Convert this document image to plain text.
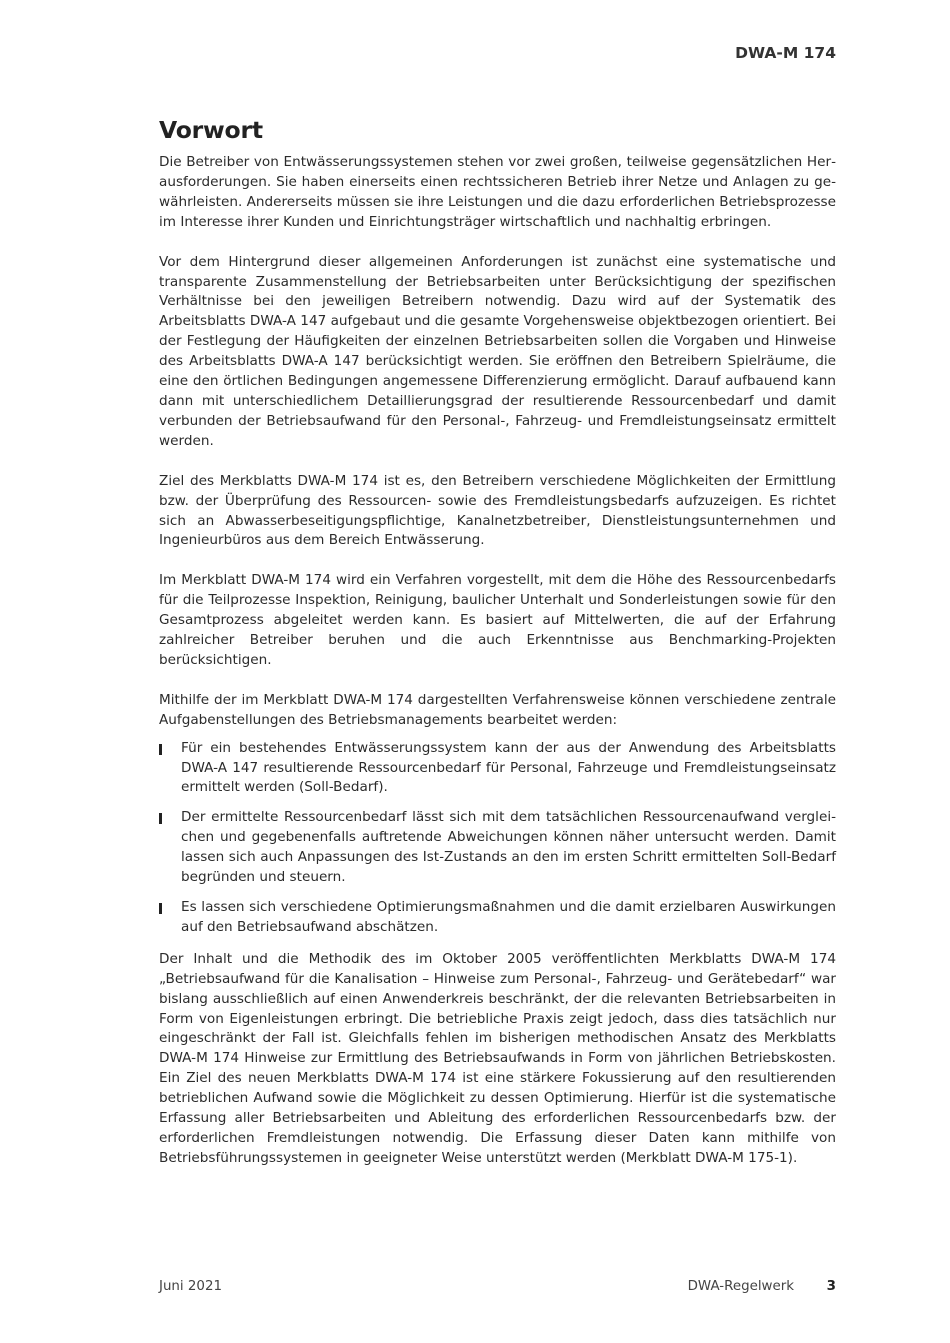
DWA-M 174
Vorwort

Die Betreiber von Entwässerungssystemen stehen vor zwei großen, teilweise gegensätzlichen Herausforderungen. Sie haben einerseits einen rechtssicheren Betrieb ihrer Netze und Anlagen zu gewährleisten. Andererseits müssen sie ihre Leistungen und die dazu erforderlichen Betriebsprozesse im Interesse ihrer Kunden und Einrichtungsträger wirtschaftlich und nachhaltig erbringen.

Vor dem Hintergrund dieser allgemeinen Anforderungen ist zunächst eine systematische und transparente Zusammenstellung der Betriebsarbeiten unter Berücksichtigung der spezifischen Verhältnisse bei den jeweiligen Betreibern notwendig. Dazu wird auf der Systematik des Arbeitsblatts DWA-A 147 aufgebaut und die gesamte Vorgehensweise objektbezogen orientiert. Bei der Festlegung der Häufigkeiten der einzelnen Betriebsarbeiten sollen die Vorgaben und Hinweise des Arbeitsblatts DWA-A 147 berücksichtigt werden. Sie eröffnen den Betreibern Spielräume, die eine den örtlichen Bedingungen angemessene Differenzierung ermöglicht. Darauf aufbauend kann dann mit unterschiedlichem Detaillierungsgrad der resultierende Ressourcenbedarf und damit verbunden der Betriebsaufwand für den Personal-, Fahrzeug- und Fremdleistungseinsatz ermittelt werden.

Ziel des Merkblatts DWA-M 174 ist es, den Betreibern verschiedene Möglichkeiten der Ermittlung bzw. der Überprüfung des Ressourcen- sowie des Fremdleistungsbedarfs aufzuzeigen. Es richtet sich an Abwasserbeseitigungspflichtige, Kanalnetzbetreiber, Dienstleistungsunternehmen und Ingenieurbüros aus dem Bereich Entwässerung.

Im Merkblatt DWA-M 174 wird ein Verfahren vorgestellt, mit dem die Höhe des Ressourcenbedarfs für die Teilprozesse Inspektion, Reinigung, baulicher Unterhalt und Sonderleistungen sowie für den Gesamtprozess abgeleitet werden kann. Es basiert auf Mittelwerten, die auf der Erfahrung zahlreicher Betreiber beruhen und die auch Erkenntnisse aus Benchmarking-Projekten berücksichtigen.

Mithilfe der im Merkblatt DWA-M 174 dargestellten Verfahrensweise können verschiedene zentrale Aufgabenstellungen des Betriebsmanagements bearbeitet werden:

Für ein bestehendes Entwässerungssystem kann der aus der Anwendung des Arbeitsblatts DWA-A 147 resultierende Ressourcenbedarf für Personal, Fahrzeuge und Fremdleistungseinsatz ermittelt werden (Soll-Bedarf).
Der ermittelte Ressourcenbedarf lässt sich mit dem tatsächlichen Ressourcenaufwand vergleichen und gegebenenfalls auftretende Abweichungen können näher untersucht werden. Damit lassen sich auch Anpassungen des Ist-Zustands an den im ersten Schritt ermittelten Soll-Bedarf begründen und steuern.
Es lassen sich verschiedene Optimierungsmaßnahmen und die damit erzielbaren Auswirkungen auf den Betriebsaufwand abschätzen.

Der Inhalt und die Methodik des im Oktober 2005 veröffentlichten Merkblatts DWA-M 174 „Betriebsaufwand für die Kanalisation – Hinweise zum Personal-, Fahrzeug- und Gerätebedarf“ war bislang ausschließlich auf einen Anwenderkreis beschränkt, der die relevanten Betriebsarbeiten in Form von Eigenleistungen erbringt. Die betriebliche Praxis zeigt jedoch, dass dies tatsächlich nur eingeschränkt der Fall ist. Gleichfalls fehlen im bisherigen methodischen Ansatz des Merkblatts DWA-M 174 Hinweise zur Ermittlung des Betriebsaufwands in Form von jährlichen Betriebskosten. Ein Ziel des neuen Merkblatts DWA-M 174 ist eine stärkere Fokussierung auf den resultierenden betrieblichen Aufwand sowie die Möglichkeit zu dessen Optimierung. Hierfür ist die systematische Erfassung aller Betriebsarbeiten und Ableitung des erforderlichen Ressourcenbedarfs bzw. der erforderlichen Fremdleistungen notwendig. Die Erfassung dieser Daten kann mithilfe von Betriebsführungssystemen in geeigneter Weise unterstützt werden (Merkblatt DWA-M 175-1).

Juni 2021	DWA-Regelwerk 3
